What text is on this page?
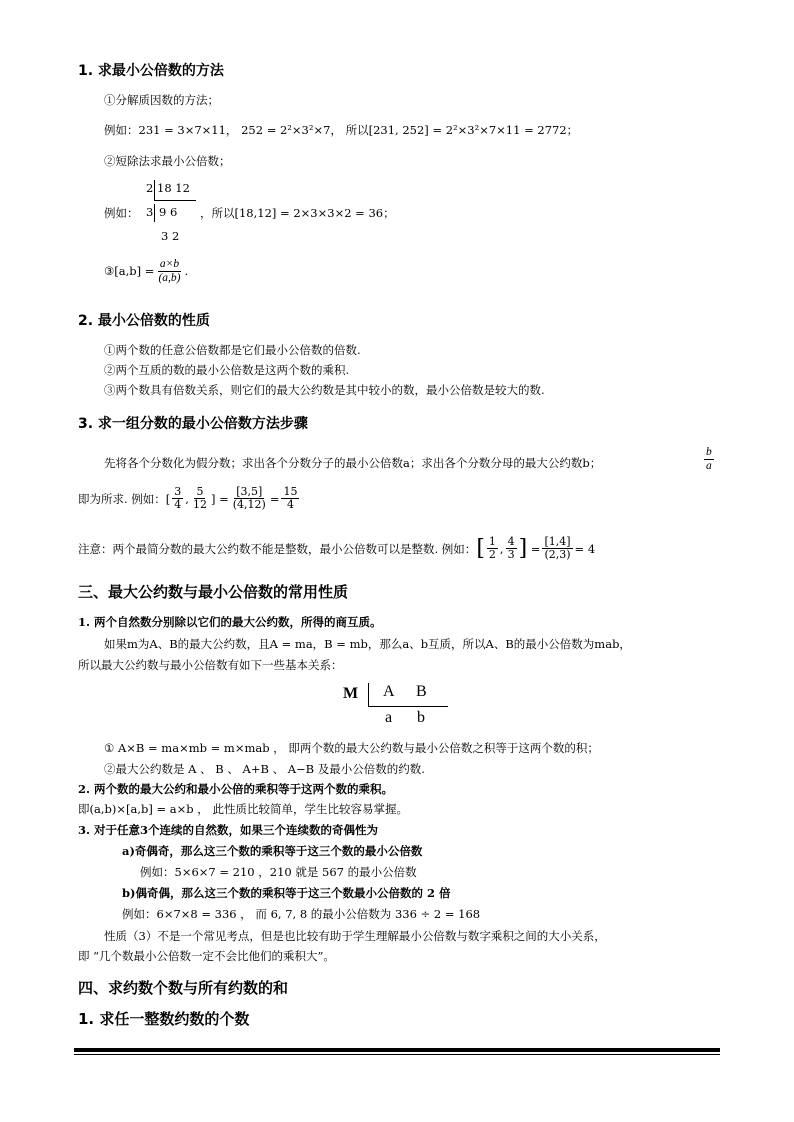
1. 求最小公倍数的方法
①分解质因数的方法；
例如：231 = 3×7×11， 252 = 2²×3²×7， 所以[231, 252] = 2²×3²×7×11 = 2772；
②短除法求最小公倍数；
例如：
2 18 12
3 9 6
3 2
，所以[18,12] = 2×3×3×2 = 36；
③[a,b] = $\frac{a\times b}{(a,b)}$ .
2. 最小公倍数的性质
①两个数的任意公倍数都是它们最小公倍数的倍数.
②两个互质的数的最小公倍数是这两个数的乘积.
③两个数具有倍数关系，则它们的最大公约数是其中较小的数，最小公倍数是较大的数.
3. 求一组分数的最小公倍数方法步骤
先将各个分数化为假分数；求出各个分数分子的最小公倍数a；求出各个分数分母的最大公约数b；	$\frac{b}{a}$
即为所求. 例如：[ $\frac{3}{4}$ , $\frac{5}{12}$ ] = $\frac{[3,5]}{(4,12)} = \frac{15}{4}$
注意：两个最简分数的最大公约数不能是整数，最小公倍数可以是整数. 例如： [ $\frac{1}{2}$ , $\frac{4}{3}$ ] = $\frac{[1,4]}{(2,3)} = 4$
三、最大公约数与最小公倍数的常用性质
1. 两个自然数分别除以它们的最大公约数，所得的商互质。
如果m为A、B的最大公约数，且A = ma，B = mb，那么a、b互质，所以A、B的最小公倍数为mab，
所以最大公约数与最小公倍数有如下一些基本关系：
M A B
a b
① A×B = ma×mb = m×mab ， 即两个数的最大公约数与最小公倍数之积等于这两个数的积；
②最大公约数是 A 、 B 、 A+B 、 A−B 及最小公倍数的约数.
2. 两个数的最大公约和最小公倍的乘积等于这两个数的乘积。
即(a,b)×[a,b] = a×b ， 此性质比较简单，学生比较容易掌握。
3. 对于任意3个连续的自然数，如果三个连续数的奇偶性为
a)奇偶奇，那么这三个数的乘积等于这三个数的最小公倍数
例如：5×6×7 = 210 ，210 就是 567 的最小公倍数
b)偶奇偶，那么这三个数的乘积等于这三个数最小公倍数的 2 倍
例如：6×7×8 = 336 ， 而 6, 7, 8 的最小公倍数为 336 ÷ 2 = 168
性质（3）不是一个常见考点，但是也比较有助于学生理解最小公倍数与数字乘积之间的大小关系，
即 “几个数最小公倍数一定不会比他们的乘积大”。
四、求约数个数与所有约数的和
1. 求任一整数约数的个数
